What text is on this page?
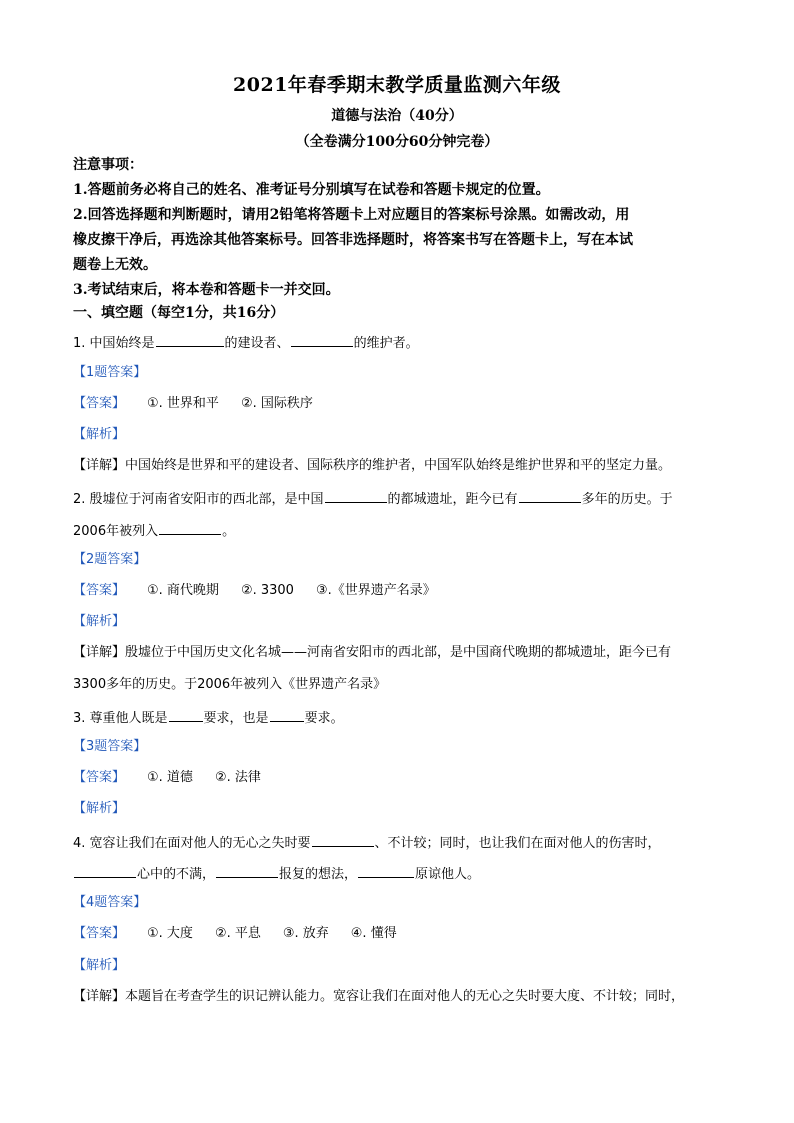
2021年春季期末教学质量监测六年级
道德与法治（40分）
（全卷满分100分60分钟完卷）
注意事项：
1.答题前务必将自己的姓名、准考证号分别填写在试卷和答题卡规定的位置。
2.回答选择题和判断题时，请用2铅笔将答题卡上对应题目的答案标号涂黑。如需改动，用
橡皮擦干净后，再选涂其他答案标号。回答非选择题时，将答案书写在答题卡上，写在本试
题卷上无效。
3.考试结束后，将本卷和答题卡一并交回。
一、填空题（每空1分，共16分）
1. 中国始终是	的建设者、	的维护者。
【1题答案】
【答案】 ①. 世界和平 ②. 国际秩序
【解析】
【详解】中国始终是世界和平的建设者、国际秩序的维护者，中国军队始终是维护世界和平的坚定力量。
2. 殷墟位于河南省安阳市的西北部，是中国	的都城遗址，距今已有	多年的历史。于
2006年被列入	。
【2题答案】
【答案】 ①. 商代晚期 ②. 3300 ③.《世界遗产名录》
【解析】
【详解】殷墟位于中国历史文化名城——河南省安阳市的西北部，是中国商代晚期的都城遗址，距今已有
3300多年的历史。于2006年被列入《世界遗产名录》
3. 尊重他人既是	要求，也是	要求。
【3题答案】
【答案】 ①. 道德 ②. 法律
【解析】
4. 宽容让我们在面对他人的无心之失时要	、不计较；同时，也让我们在面对他人的伤害时，
心中的不满，	报复的想法，	原谅他人。
【4题答案】
【答案】 ①. 大度 ②. 平息 ③. 放弃 ④. 懂得
【解析】
【详解】本题旨在考查学生的识记辨认能力。宽容让我们在面对他人的无心之失时要大度、不计较；同时，
